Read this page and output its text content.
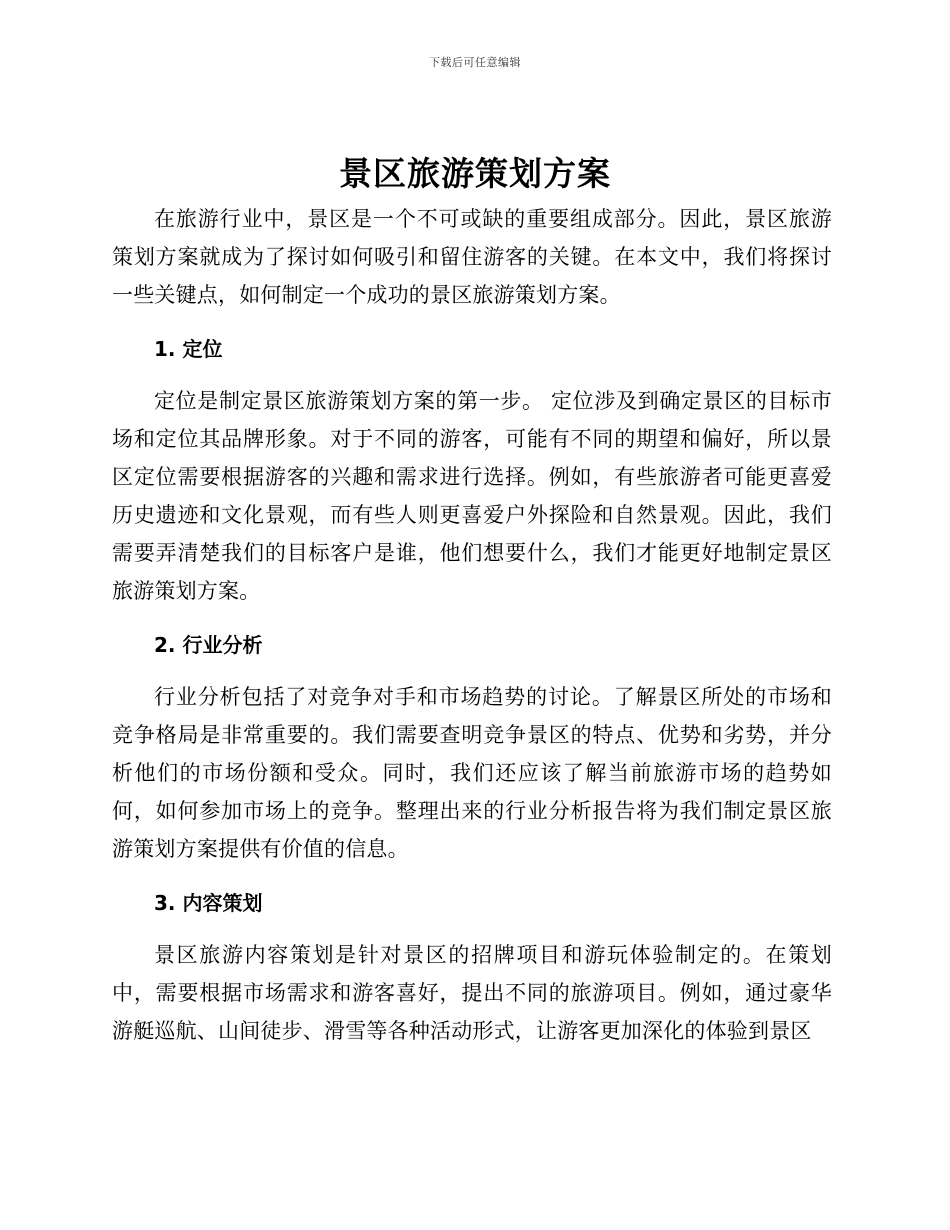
下载后可任意编辑
景区旅游策划方案

在旅游行业中，景区是一个不可或缺的重要组成部分。因此，景区旅游策划方案就成为了探讨如何吸引和留住游客的关键。在本文中，我们将探讨一些关键点，如何制定一个成功的景区旅游策划方案。

1. 定位

定位是制定景区旅游策划方案的第一步。 定位涉及到确定景区的目标市场和定位其品牌形象。对于不同的游客，可能有不同的期望和偏好，所以景区定位需要根据游客的兴趣和需求进行选择。例如，有些旅游者可能更喜爱历史遗迹和文化景观，而有些人则更喜爱户外探险和自然景观。因此，我们需要弄清楚我们的目标客户是谁，他们想要什么，我们才能更好地制定景区旅游策划方案。

2. 行业分析

行业分析包括了对竞争对手和市场趋势的讨论。了解景区所处的市场和竞争格局是非常重要的。我们需要查明竞争景区的特点、优势和劣势，并分析他们的市场份额和受众。同时，我们还应该了解当前旅游市场的趋势如何，如何参加市场上的竞争。整理出来的行业分析报告将为我们制定景区旅游策划方案提供有价值的信息。

3. 内容策划

景区旅游内容策划是针对景区的招牌项目和游玩体验制定的。在策划中，需要根据市场需求和游客喜好，提出不同的旅游项目。例如，通过豪华游艇巡航、山间徒步、滑雪等各种活动形式，让游客更加深化的体验到景区
